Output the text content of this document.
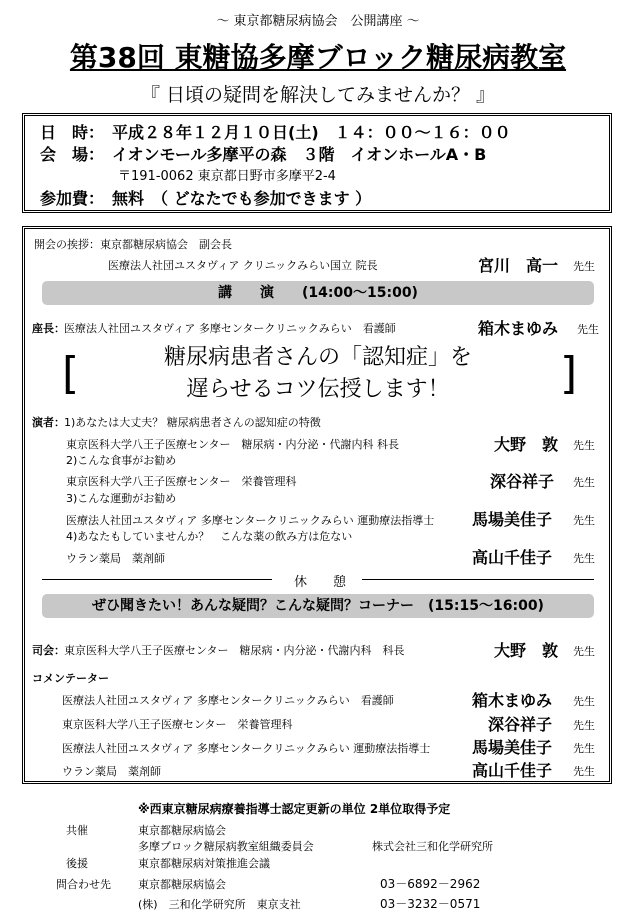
～ 東京都糖尿病協会　公開講座 ～
第38回 東糖協多摩ブロック糖尿病教室
『 日頃の疑問を解決してみませんか？ 』
日　時： 平成２８年１２月１０日(土)　１４：００～１６：００
会　場： イオンモール多摩平の森　３階　イオンホールA・B
〒191-0062 東京都日野市多摩平2-4
参加費： 無料　（ どなたでも参加できます ）
開会の挨拶：東京都糖尿病協会　副会長
医療法人社団ユスタヴィア クリニックみらい国立 院長	宮川　高一 先生
講　　演　　(14:00～15:00)
座長： 医療法人社団ユスタヴィア 多摩センタークリニックみらい　看護師	箱木まゆみ 先生
[	糖尿病患者さんの「認知症」を
遅らせるコツ伝授します！	]
演者： 1)あなたは大丈夫？ 糖尿病患者さんの認知症の特徴
東京医科大学八王子医療センター　糖尿病・内分泌・代謝内科 科長	大野　敦 先生
2)こんな食事がお勧め
東京医科大学八王子医療センター　栄養管理科	深谷祥子 先生
3)こんな運動がお勧め
医療法人社団ユスタヴィア 多摩センタークリニックみらい 運動療法指導士 馬場美佳子 先生
4)あなたもしていませんか？　こんな薬の飲み方は危ない
ウラン薬局　薬剤師	高山千佳子 先生
休　　憩
ぜひ聞きたい！あんな疑問？こんな疑問？コーナー　(15:15～16:00)
司会： 東京医科大学八王子医療センター　糖尿病・内分泌・代謝内科　科長	大野　敦 先生
コメンテーター
医療法人社団ユスタヴィア 多摩センタークリニックみらい　看護師	箱木まゆみ 先生
東京医科大学八王子医療センター　栄養管理科	深谷祥子 先生
医療法人社団ユスタヴィア 多摩センタークリニックみらい 運動療法指導士	馬場美佳子 先生
ウラン薬局　薬剤師	高山千佳子 先生
※西東京糖尿病療養指導士認定更新の単位 2単位取得予定
共催	東京都糖尿病協会
多摩ブロック糖尿病教室組織委員会	株式会社三和化学研究所
後援	東京都糖尿病対策推進会議
問合わせ先 東京都糖尿病協会	03－6892－2962
(株)　三和化学研究所　東京支社	03－3232－0571
